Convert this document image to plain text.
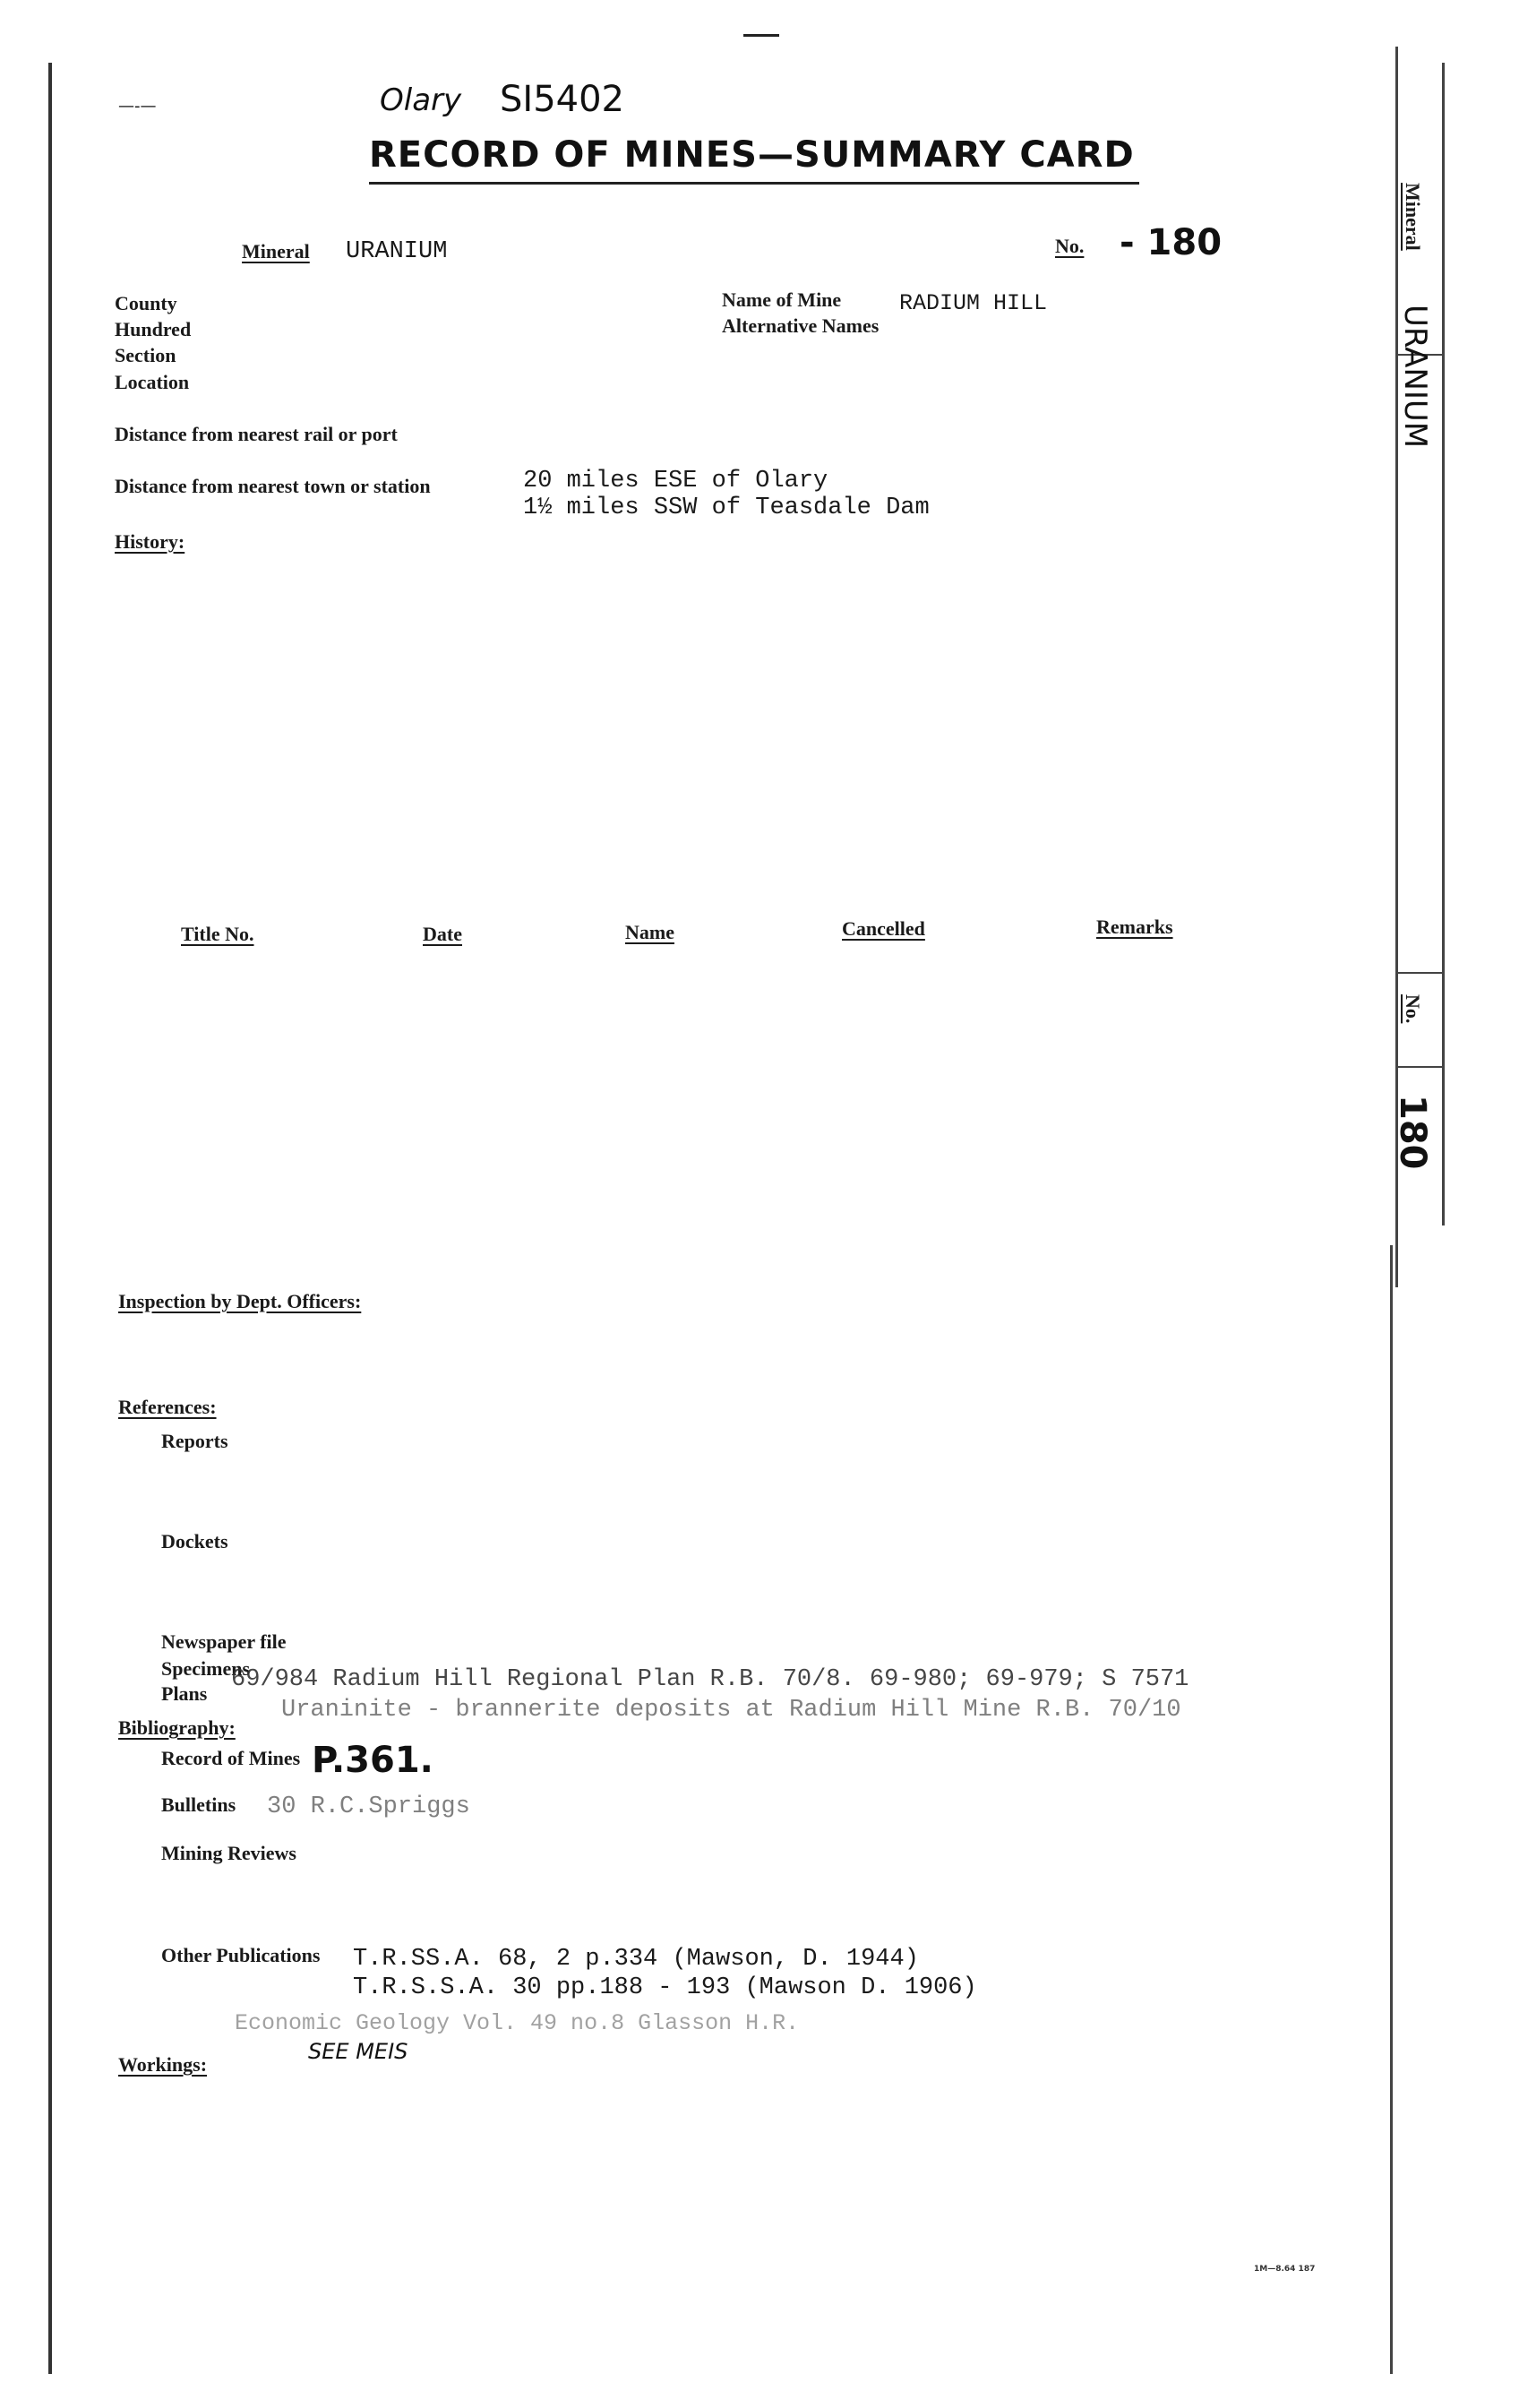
—-—	Olary SI5402
RECORD OF MINES—SUMMARY CARD
Mineral URANIUM	No. - 180
County
Hundred
Section
Location
Name of Mine	RADIUM HILL
Alternative Names
Distance from nearest rail or port
Distance from nearest town or station	20 miles ESE of Olary
1½ miles SSW of Teasdale Dam
History:
Title No.	Date	Name	Cancelled	Remarks
Inspection by Dept. Officers:
References:
Reports
Dockets
Newspaper file
Specimens
Plans
69/984 Radium Hill Regional Plan R.B. 70/8. 69-980; 69-979; S 7571
Bibliography:
Uraninite - brannerite deposits at Radium Hill Mine R.B. 70/10
Record of Mines P.361.
Bulletins 30 R.C.Spriggs
Mining Reviews
Other Publications T.R.SS.A. 68, 2 p.334 (Mawson, D. 1944)
T.R.S.S.A. 30 pp.188 - 193 (Mawson D. 1906)
Economic Geology Vol. 49 no.8 Glasson H.R.
Workings:
SEE MEIS
Mineral
URANIUM
No.
180
1M—8.64 187
